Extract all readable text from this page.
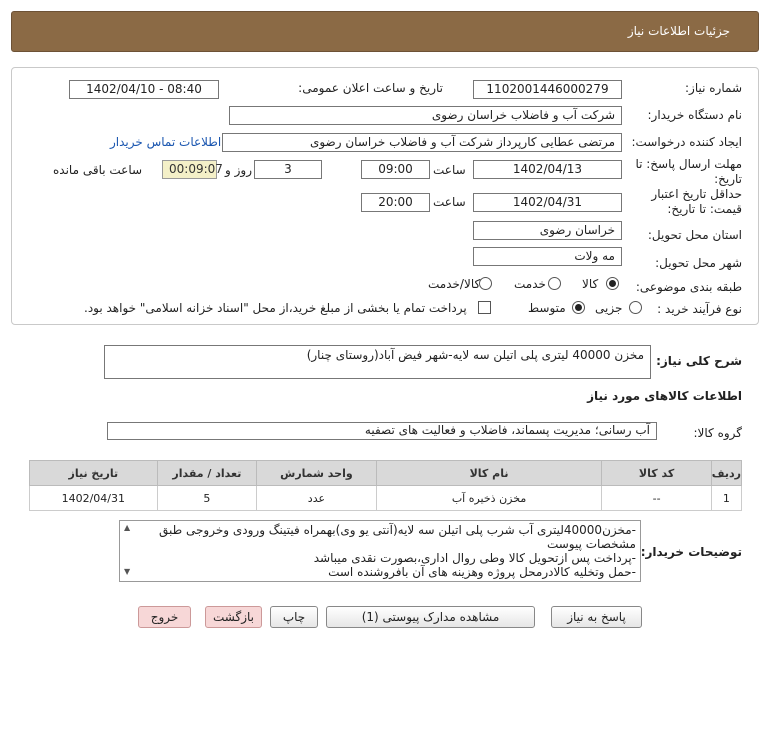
جزئیات اطلاعات نیاز
شماره نیاز:
1102001446000279
تاریخ و ساعت اعلان عمومی:
1402/04/10 - 08:40
نام دستگاه خریدار:
شرکت آب و فاضلاب خراسان رضوی
ایجاد کننده درخواست:
مرتضی عطایی کارپرداز شرکت آب و فاضلاب خراسان رضوی
اطلاعات تماس خریدار
مهلت ارسال پاسخ: تا
تاریخ:
1402/04/13
ساعت
09:00
3
روز و
00:09:07
ساعت باقی مانده
حداقل تاریخ اعتبار
قیمت: تا تاریخ:
1402/04/31
ساعت
20:00
استان محل تحویل:
خراسان رضوی
شهر محل تحویل:
مه ولات
طبقه بندی موضوعی:
کالا
خدمت
کالا/خدمت
نوع فرآیند خرید :
جزیی
متوسط
پرداخت تمام یا بخشی از مبلغ خرید،از محل "اسناد خزانه اسلامی" خواهد بود.
شرح کلی نیاز:
مخزن 40000 لیتری پلی اتیلن سه لایه-شهر فیض آباد(روستای چنار)
اطلاعات کالاهای مورد نیاز
گروه کالا:
آب رسانی؛ مدیریت پسماند، فاضلاب و فعالیت های تصفیه
ردیف	کد کالا	نام کالا	واحد شمارش	تعداد / مقدار	تاریخ نیاز
1	--	مخزن ذخیره آب	عدد	5	1402/04/31
توضیحات خریدار:
▲
▼
-مخزن40000لیتری آب شرب پلی اتیلن سه لایه(آنتی یو وی)بهمراه فیتینگ ورودی وخروجی طبق مشخصات پیوست
-پرداخت پس ازتحویل کالا وطی روال اداری،بصورت نقدی میباشد
-حمل وتخلیه کالادرمحل پروژه وهزینه های آن بافروشنده است
پاسخ به نیاز
مشاهده مدارک پیوستی (1)
چاپ
بازگشت
خروج
